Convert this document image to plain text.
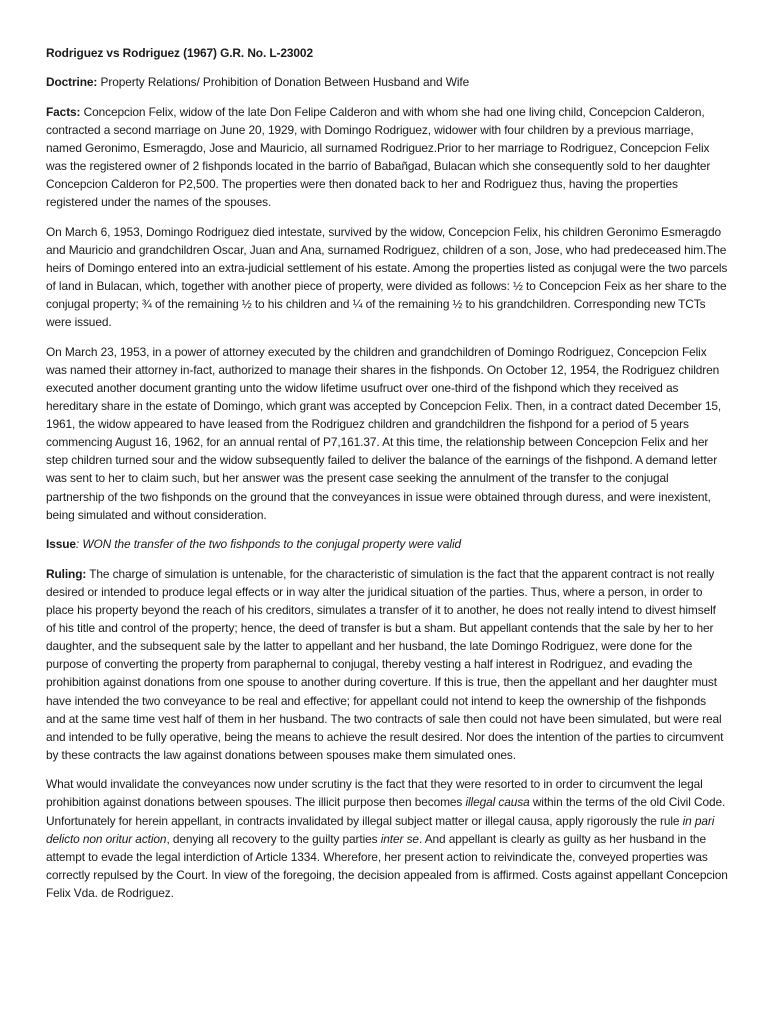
Rodriguez vs Rodriguez (1967) G.R. No. L-23002

Doctrine: Property Relations/ Prohibition of Donation Between Husband and Wife

Facts: Concepcion Felix, widow of the late Don Felipe Calderon and with whom she had one living child, Concepcion Calderon, contracted a second marriage on June 20, 1929, with Domingo Rodriguez, widower with four children by a previous marriage, named Geronimo, Esmeragdo, Jose and Mauricio, all surnamed Rodriguez.Prior to her marriage to Rodriguez, Concepcion Felix was the registered owner of 2 fishponds located in the barrio of Babañgad, Bulacan which she consequently sold to her daughter Concepcion Calderon for P2,500. The properties were then donated back to her and Rodriguez thus, having the properties registered under the names of the spouses.

On March 6, 1953, Domingo Rodriguez died intestate, survived by the widow, Concepcion Felix, his children Geronimo Esmeragdo and Mauricio and grandchildren Oscar, Juan and Ana, surnamed Rodriguez, children of a son, Jose, who had predeceased him.The heirs of Domingo entered into an extra-judicial settlement of his estate. Among the properties listed as conjugal were the two parcels of land in Bulacan, which, together with another piece of property, were divided as follows: ½ to Concepcion Feix as her share to the conjugal property; ¾ of the remaining ½ to his children and ¼ of the remaining ½ to his grandchildren. Corresponding new TCTs were issued.

On March 23, 1953, in a power of attorney executed by the children and grandchildren of Domingo Rodriguez, Concepcion Felix was named their attorney in-fact, authorized to manage their shares in the fishponds. On October 12, 1954, the Rodriguez children executed another document granting unto the widow lifetime usufruct over one-third of the fishpond which they received as hereditary share in the estate of Domingo, which grant was accepted by Concepcion Felix. Then, in a contract dated December 15, 1961, the widow appeared to have leased from the Rodriguez children and grandchildren the fishpond for a period of 5 years commencing August 16, 1962, for an annual rental of P7,161.37. At this time, the relationship between Concepcion Felix and her step children turned sour and the widow subsequently failed to deliver the balance of the earnings of the fishpond. A demand letter was sent to her to claim such, but her answer was the present case seeking the annulment of the transfer to the conjugal partnership of the two fishponds on the ground that the conveyances in issue were obtained through duress, and were inexistent, being simulated and without consideration.

Issue: WON the transfer of the two fishponds to the conjugal property were valid

Ruling: The charge of simulation is untenable, for the characteristic of simulation is the fact that the apparent contract is not really desired or intended to produce legal effects or in way alter the juridical situation of the parties. Thus, where a person, in order to place his property beyond the reach of his creditors, simulates a transfer of it to another, he does not really intend to divest himself of his title and control of the property; hence, the deed of transfer is but a sham. But appellant contends that the sale by her to her daughter, and the subsequent sale by the latter to appellant and her husband, the late Domingo Rodriguez, were done for the purpose of converting the property from paraphernal to conjugal, thereby vesting a half interest in Rodriguez, and evading the prohibition against donations from one spouse to another during coverture. If this is true, then the appellant and her daughter must have intended the two conveyance to be real and effective; for appellant could not intend to keep the ownership of the fishponds and at the same time vest half of them in her husband. The two contracts of sale then could not have been simulated, but were real and intended to be fully operative, being the means to achieve the result desired. Nor does the intention of the parties to circumvent by these contracts the law against donations between spouses make them simulated ones.

What would invalidate the conveyances now under scrutiny is the fact that they were resorted to in order to circumvent the legal prohibition against donations between spouses. The illicit purpose then becomes illegal causa within the terms of the old Civil Code. Unfortunately for herein appellant, in contracts invalidated by illegal subject matter or illegal causa, apply rigorously the rule in pari delicto non oritur action, denying all recovery to the guilty parties inter se. And appellant is clearly as guilty as her husband in the attempt to evade the legal interdiction of Article 1334. Wherefore, her present action to reivindicate the, conveyed properties was correctly repulsed by the Court. In view of the foregoing, the decision appealed from is affirmed. Costs against appellant Concepcion Felix Vda. de Rodriguez.
